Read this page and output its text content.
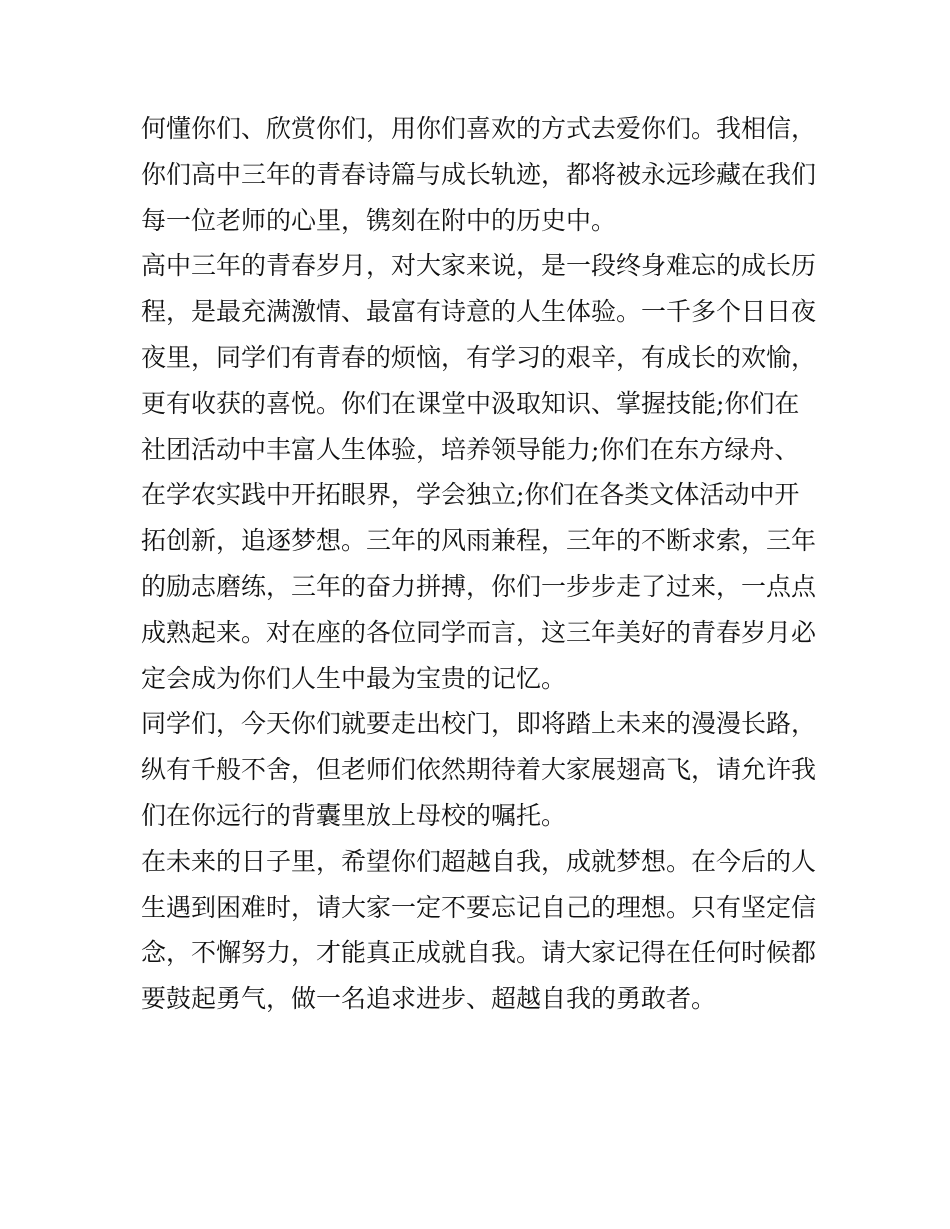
何懂你们、欣赏你们，用你们喜欢的方式去爱你们。我相信，
你们高中三年的青春诗篇与成长轨迹，都将被永远珍藏在我们
每一位老师的心里，镌刻在附中的历史中。
高中三年的青春岁月，对大家来说，是一段终身难忘的成长历
程，是最充满激情、最富有诗意的人生体验。一千多个日日夜
夜里，同学们有青春的烦恼，有学习的艰辛，有成长的欢愉，
更有收获的喜悦。你们在课堂中汲取知识、掌握技能;你们在
社团活动中丰富人生体验，培养领导能力;你们在东方绿舟、
在学农实践中开拓眼界，学会独立;你们在各类文体活动中开
拓创新，追逐梦想。三年的风雨兼程，三年的不断求索，三年
的励志磨练，三年的奋力拼搏，你们一步步走了过来，一点点
成熟起来。对在座的各位同学而言，这三年美好的青春岁月必
定会成为你们人生中最为宝贵的记忆。
同学们，今天你们就要走出校门，即将踏上未来的漫漫长路，
纵有千般不舍，但老师们依然期待着大家展翅高飞，请允许我
们在你远行的背囊里放上母校的嘱托。
在未来的日子里，希望你们超越自我，成就梦想。在今后的人
生遇到困难时，请大家一定不要忘记自己的理想。只有坚定信
念，不懈努力，才能真正成就自我。请大家记得在任何时候都
要鼓起勇气，做一名追求进步、超越自我的勇敢者。
